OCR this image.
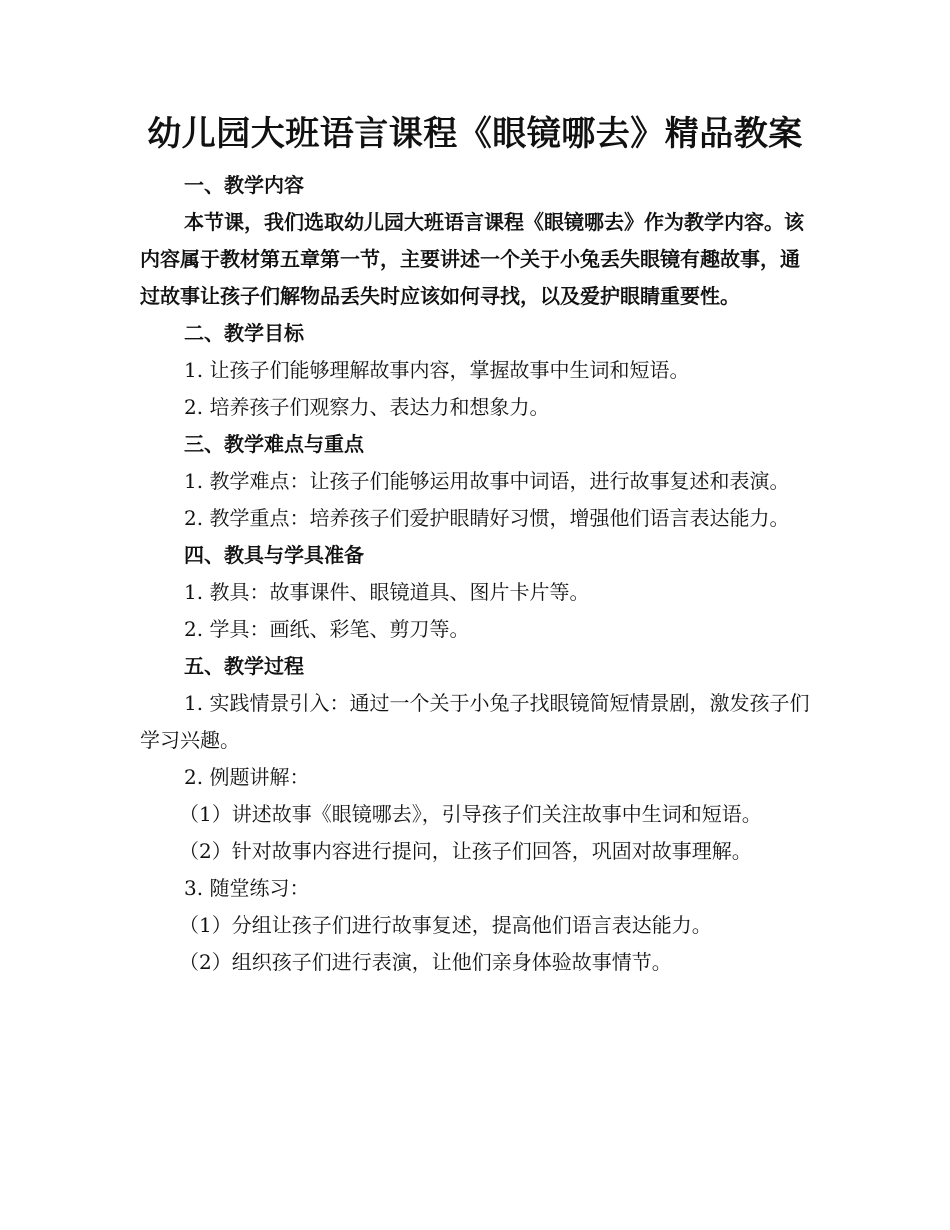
幼儿园大班语言课程《眼镜哪去》精品教案

一、教学内容

本节课，我们选取幼儿园大班语言课程《眼镜哪去》作为教学内容。该内容属于教材第五章第一节，主要讲述一个关于小兔丢失眼镜有趣故事，通过故事让孩子们解物品丢失时应该如何寻找，以及爱护眼睛重要性。

二、教学目标

1. 让孩子们能够理解故事内容，掌握故事中生词和短语。

2. 培养孩子们观察力、表达力和想象力。

三、教学难点与重点

1. 教学难点：让孩子们能够运用故事中词语，进行故事复述和表演。

2. 教学重点：培养孩子们爱护眼睛好习惯，增强他们语言表达能力。

四、教具与学具准备

1. 教具：故事课件、眼镜道具、图片卡片等。

2. 学具：画纸、彩笔、剪刀等。

五、教学过程

1. 实践情景引入：通过一个关于小兔子找眼镜简短情景剧，激发孩子们学习兴趣。

2. 例题讲解：

（1）讲述故事《眼镜哪去》，引导孩子们关注故事中生词和短语。

（2）针对故事内容进行提问，让孩子们回答，巩固对故事理解。

3. 随堂练习：

（1）分组让孩子们进行故事复述，提高他们语言表达能力。

（2）组织孩子们进行表演，让他们亲身体验故事情节。
